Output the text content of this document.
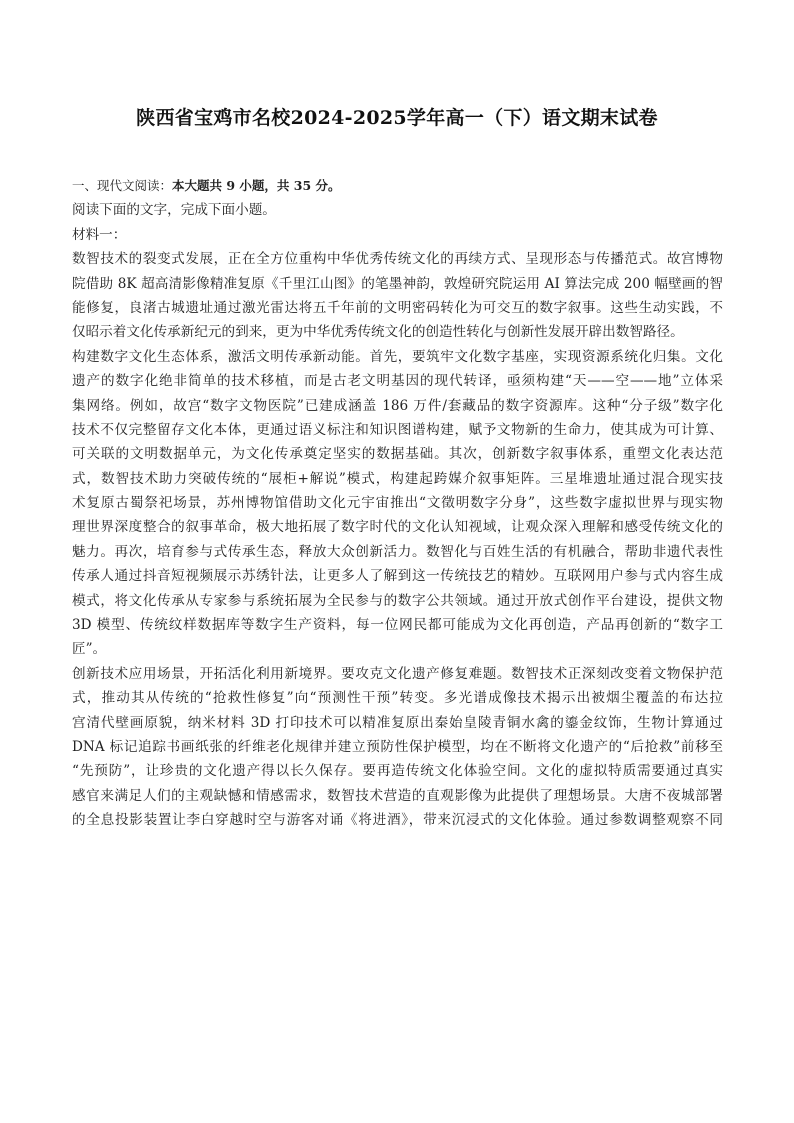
陕西省宝鸡市名校2024-2025学年高一（下）语文期末试卷
一、现代文阅读：本大题共 9 小题，共 35 分。
阅读下面的文字，完成下面小题。
材料一：
数智技术的裂变式发展，正在全方位重构中华优秀传统文化的再续方式、呈现形态与传播范式。故宫博物
院借助 8K 超高清影像精准复原《千里江山图》的笔墨神韵，敦煌研究院运用 AI 算法完成 200 幅壁画的智
能修复，良渚古城遗址通过激光雷达将五千年前的文明密码转化为可交互的数字叙事。这些生动实践，不
仅昭示着文化传承新纪元的到来，更为中华优秀传统文化的创造性转化与创新性发展开辟出数智路径。
构建数字文化生态体系，激活文明传承新动能。首先，要筑牢文化数字基座，实现资源系统化归集。文化
遗产的数字化绝非简单的技术移植，而是古老文明基因的现代转译，亟须构建“天——空——地”立体采
集网络。例如，故宫“数字文物医院”已建成涵盖 186 万件/套藏品的数字资源库。这种“分子级”数字化
技术不仅完整留存文化本体，更通过语义标注和知识图谱构建，赋予文物新的生命力，使其成为可计算、
可关联的文明数据单元，为文化传承奠定坚实的数据基础。其次，创新数字叙事体系，重塑文化表达范
式，数智技术助力突破传统的“展柜+解说”模式，构建起跨媒介叙事矩阵。三星堆遗址通过混合现实技
术复原古蜀祭祀场景，苏州博物馆借助文化元宇宙推出“文徵明数字分身”，这些数字虚拟世界与现实物
理世界深度整合的叙事革命，极大地拓展了数字时代的文化认知视域，让观众深入理解和感受传统文化的
魅力。再次，培育参与式传承生态，释放大众创新活力。数智化与百姓生活的有机融合，帮助非遗代表性
传承人通过抖音短视频展示苏绣针法，让更多人了解到这一传统技艺的精妙。互联网用户参与式内容生成
模式，将文化传承从专家参与系统拓展为全民参与的数字公共领域。通过开放式创作平台建设，提供文物
3D 模型、传统纹样数据库等数字生产资料，每一位网民都可能成为文化再创造，产品再创新的“数字工
匠”。
创新技术应用场景，开拓活化利用新境界。要攻克文化遗产修复难题。数智技术正深刻改变着文物保护范
式，推动其从传统的“抢救性修复”向“预测性干预”转变。多光谱成像技术揭示出被烟尘覆盖的布达拉
宫清代壁画原貌，纳米材料 3D 打印技术可以精准复原出秦始皇陵青铜水禽的鎏金纹饰，生物计算通过
DNA 标记追踪书画纸张的纤维老化规律并建立预防性保护模型，均在不断将文化遗产的“后抢救”前移至
“先预防”，让珍贵的文化遗产得以长久保存。要再造传统文化体验空间。文化的虚拟特质需要通过真实
感官来满足人们的主观缺憾和情感需求，数智技术营造的直观影像为此提供了理想场景。大唐不夜城部署
的全息投影装置让李白穿越时空与游客对诵《将进酒》，带来沉浸式的文化体验。通过参数调整观察不同
